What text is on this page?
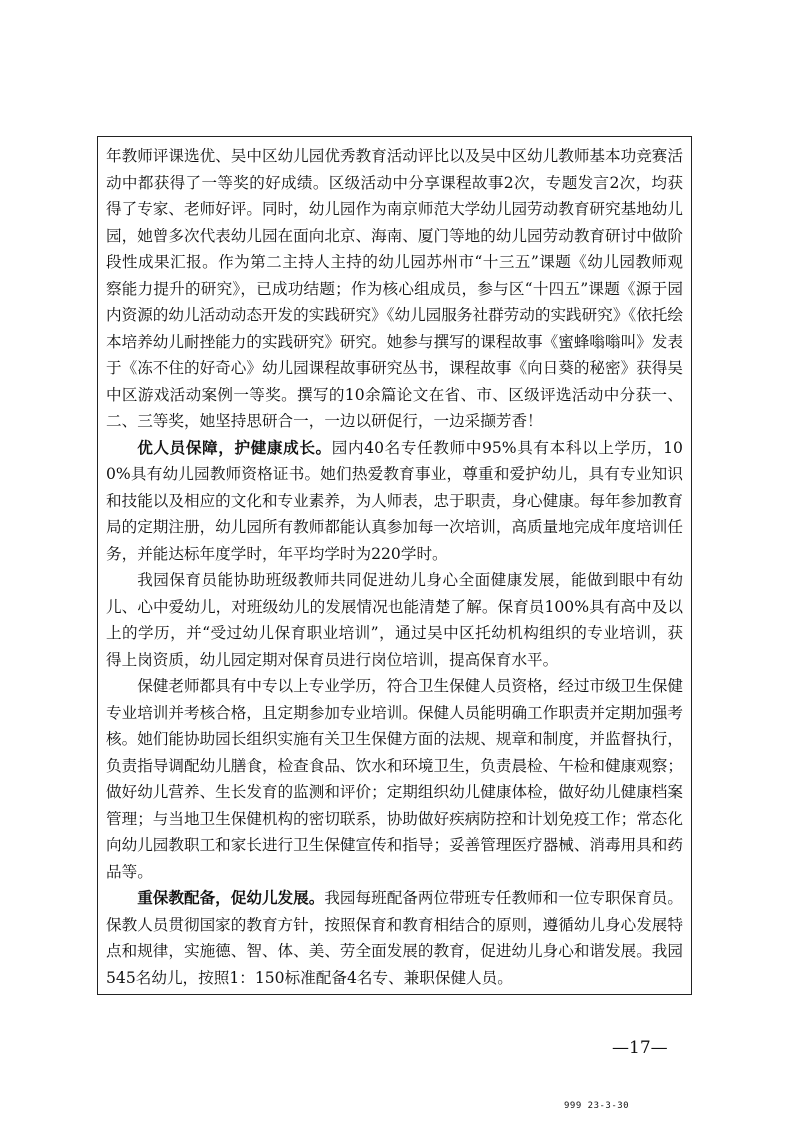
年教师评课选优、吴中区幼儿园优秀教育活动评比以及吴中区幼儿教师基本功竞赛活动中都获得了一等奖的好成绩。区级活动中分享课程故事2次，专题发言2次，均获得了专家、老师好评。同时，幼儿园作为南京师范大学幼儿园劳动教育研究基地幼儿园，她曾多次代表幼儿园在面向北京、海南、厦门等地的幼儿园劳动教育研讨中做阶段性成果汇报。作为第二主持人主持的幼儿园苏州市“十三五”课题《幼儿园教师观察能力提升的研究》，已成功结题；作为核心组成员，参与区“十四五”课题《源于园内资源的幼儿活动动态开发的实践研究》《幼儿园服务社群劳动的实践研究》《依托绘本培养幼儿耐挫能力的实践研究》研究。她参与撰写的课程故事《蜜蜂嗡嗡叫》发表于《冻不住的好奇心》幼儿园课程故事研究丛书，课程故事《向日葵的秘密》获得吴中区游戏活动案例一等奖。撰写的10余篇论文在省、市、区级评选活动中分获一、二、三等奖，她坚持思研合一，一边以研促行，一边采撷芳香！

优人员保障，护健康成长。园内40名专任教师中95%具有本科以上学历，100%具有幼儿园教师资格证书。她们热爱教育事业，尊重和爱护幼儿，具有专业知识和技能以及相应的文化和专业素养，为人师表，忠于职责，身心健康。每年参加教育局的定期注册，幼儿园所有教师都能认真参加每一次培训，高质量地完成年度培训任务，并能达标年度学时，年平均学时为220学时。

我园保育员能协助班级教师共同促进幼儿身心全面健康发展，能做到眼中有幼儿、心中爱幼儿，对班级幼儿的发展情况也能清楚了解。保育员100%具有高中及以上的学历，并“受过幼儿保育职业培训”，通过吴中区托幼机构组织的专业培训，获得上岗资质，幼儿园定期对保育员进行岗位培训，提高保育水平。

保健老师都具有中专以上专业学历，符合卫生保健人员资格，经过市级卫生保健专业培训并考核合格，且定期参加专业培训。保健人员能明确工作职责并定期加强考核。她们能协助园长组织实施有关卫生保健方面的法规、规章和制度，并监督执行，负责指导调配幼儿膳食，检查食品、饮水和环境卫生，负责晨检、午检和健康观察；做好幼儿营养、生长发育的监测和评价；定期组织幼儿健康体检，做好幼儿健康档案管理；与当地卫生保健机构的密切联系，协助做好疾病防控和计划免疫工作；常态化向幼儿园教职工和家长进行卫生保健宣传和指导；妥善管理医疗器械、消毒用具和药品等。

重保教配备，促幼儿发展。我园每班配备两位带班专任教师和一位专职保育员。保教人员贯彻国家的教育方针，按照保育和教育相结合的原则，遵循幼儿身心发展特点和规律，实施德、智、体、美、劳全面发展的教育，促进幼儿身心和谐发展。我园545名幼儿，按照1：150标准配备4名专、兼职保健人员。

—17—
999 23-3-30
